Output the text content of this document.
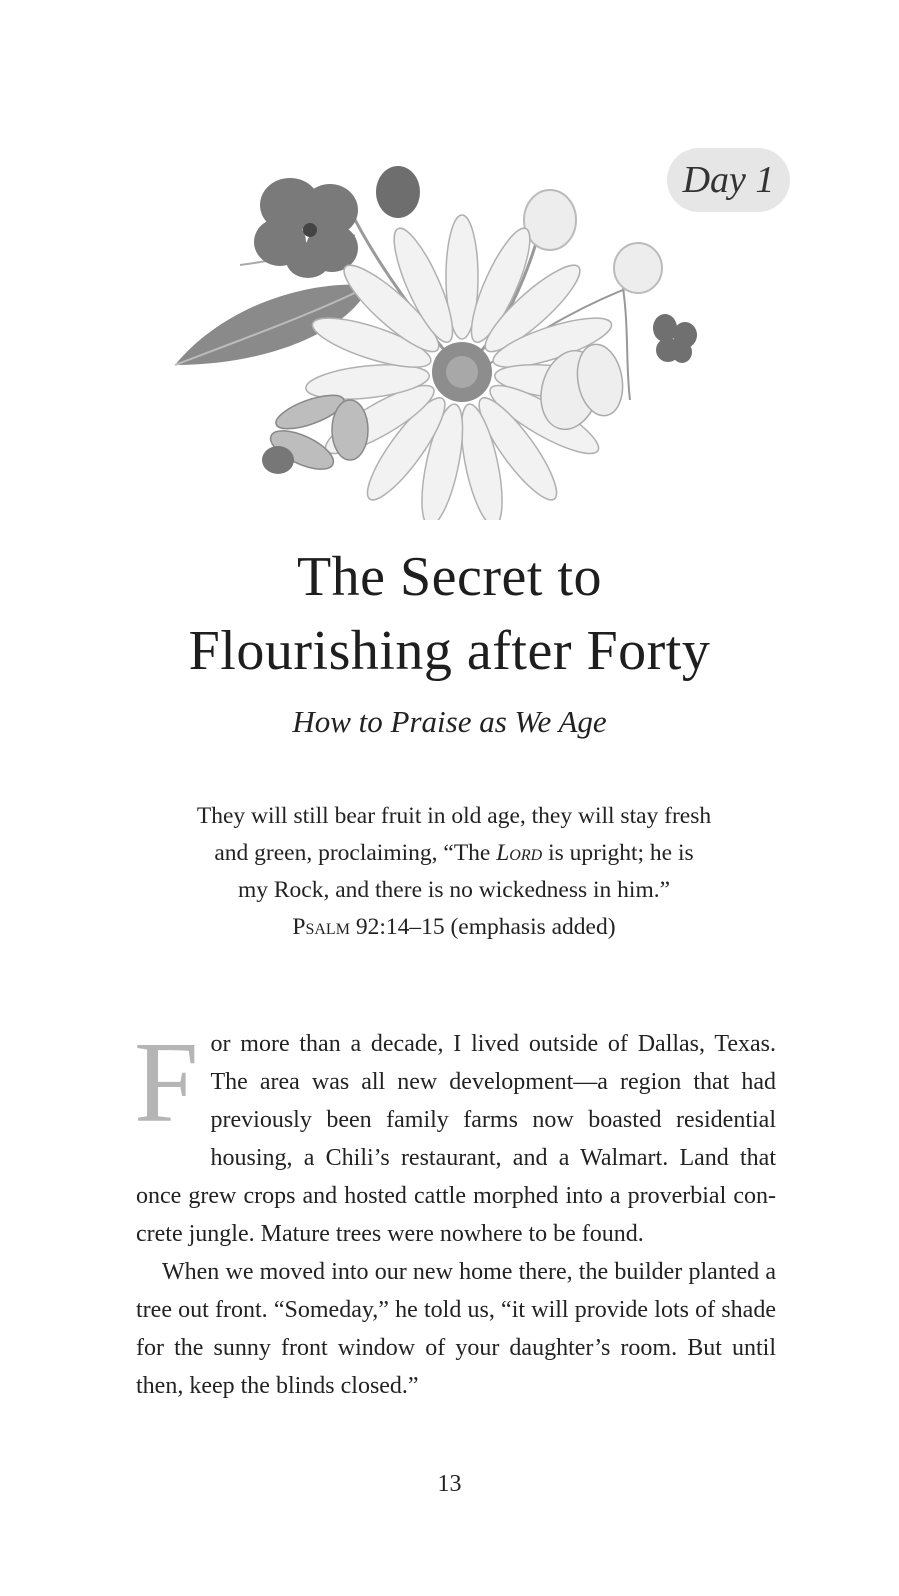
Day 1
The Secret to
Flourishing after Forty
How to Praise as We Age
They will still bear fruit in old age, they will stay fresh
and green, proclaiming, “The Lord is upright; he is
my Rock, and there is no wickedness in him.”
Psalm 92:14–15 (emphasis added)

For more than a decade, I lived outside of Dallas, Texas. The area was all new development—a region that had previously been family farms now boasted residential housing, a Chili’s restaurant, and a Walmart. Land that once grew crops and hosted cattle morphed into a proverbial concrete jungle. Mature trees were nowhere to be found.

When we moved into our new home there, the builder planted a tree out front. “Someday,” he told us, “it will provide lots of shade for the sunny front window of your daughter’s room. But until then, keep the blinds closed.”

13
